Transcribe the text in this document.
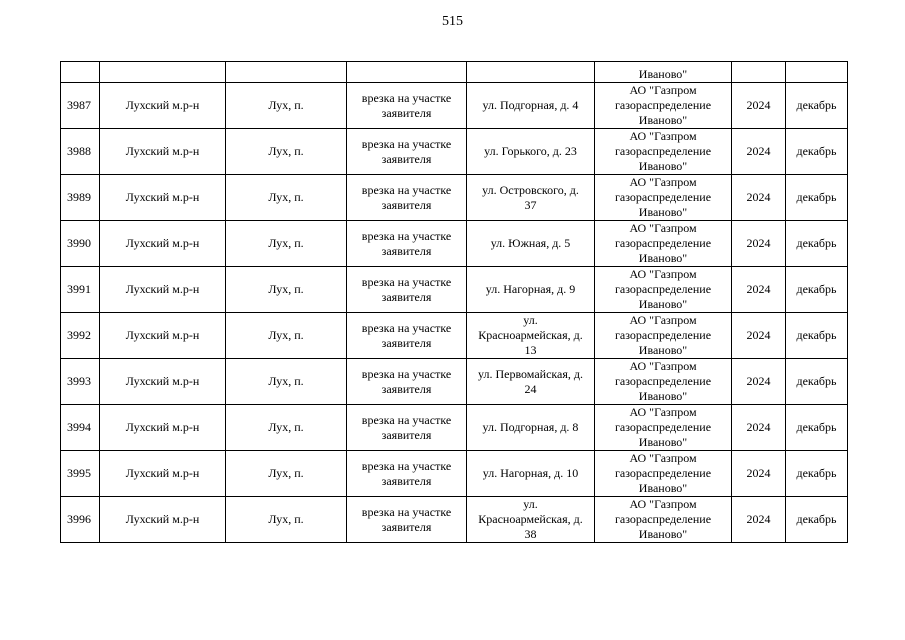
515
					Иваново"		
3987	Лухский м.р-н	Лух, п.	врезка на участке
заявителя	ул. Подгорная, д. 4	АО "Газпром
газораспределение
Иваново"	2024	декабрь
3988	Лухский м.р-н	Лух, п.	врезка на участке
заявителя	ул. Горького, д. 23	АО "Газпром
газораспределение
Иваново"	2024	декабрь
3989	Лухский м.р-н	Лух, п.	врезка на участке
заявителя	ул. Островского, д.
37	АО "Газпром
газораспределение
Иваново"	2024	декабрь
3990	Лухский м.р-н	Лух, п.	врезка на участке
заявителя	ул. Южная, д. 5	АО "Газпром
газораспределение
Иваново"	2024	декабрь
3991	Лухский м.р-н	Лух, п.	врезка на участке
заявителя	ул. Нагорная, д. 9	АО "Газпром
газораспределение
Иваново"	2024	декабрь
3992	Лухский м.р-н	Лух, п.	врезка на участке
заявителя	ул.
Красноармейская, д.
13	АО "Газпром
газораспределение
Иваново"	2024	декабрь
3993	Лухский м.р-н	Лух, п.	врезка на участке
заявителя	ул. Первомайская, д.
24	АО "Газпром
газораспределение
Иваново"	2024	декабрь
3994	Лухский м.р-н	Лух, п.	врезка на участке
заявителя	ул. Подгорная, д. 8	АО "Газпром
газораспределение
Иваново"	2024	декабрь
3995	Лухский м.р-н	Лух, п.	врезка на участке
заявителя	ул. Нагорная, д. 10	АО "Газпром
газораспределение
Иваново"	2024	декабрь
3996	Лухский м.р-н	Лух, п.	врезка на участке
заявителя	ул.
Красноармейская, д.
38	АО "Газпром
газораспределение
Иваново"	2024	декабрь
